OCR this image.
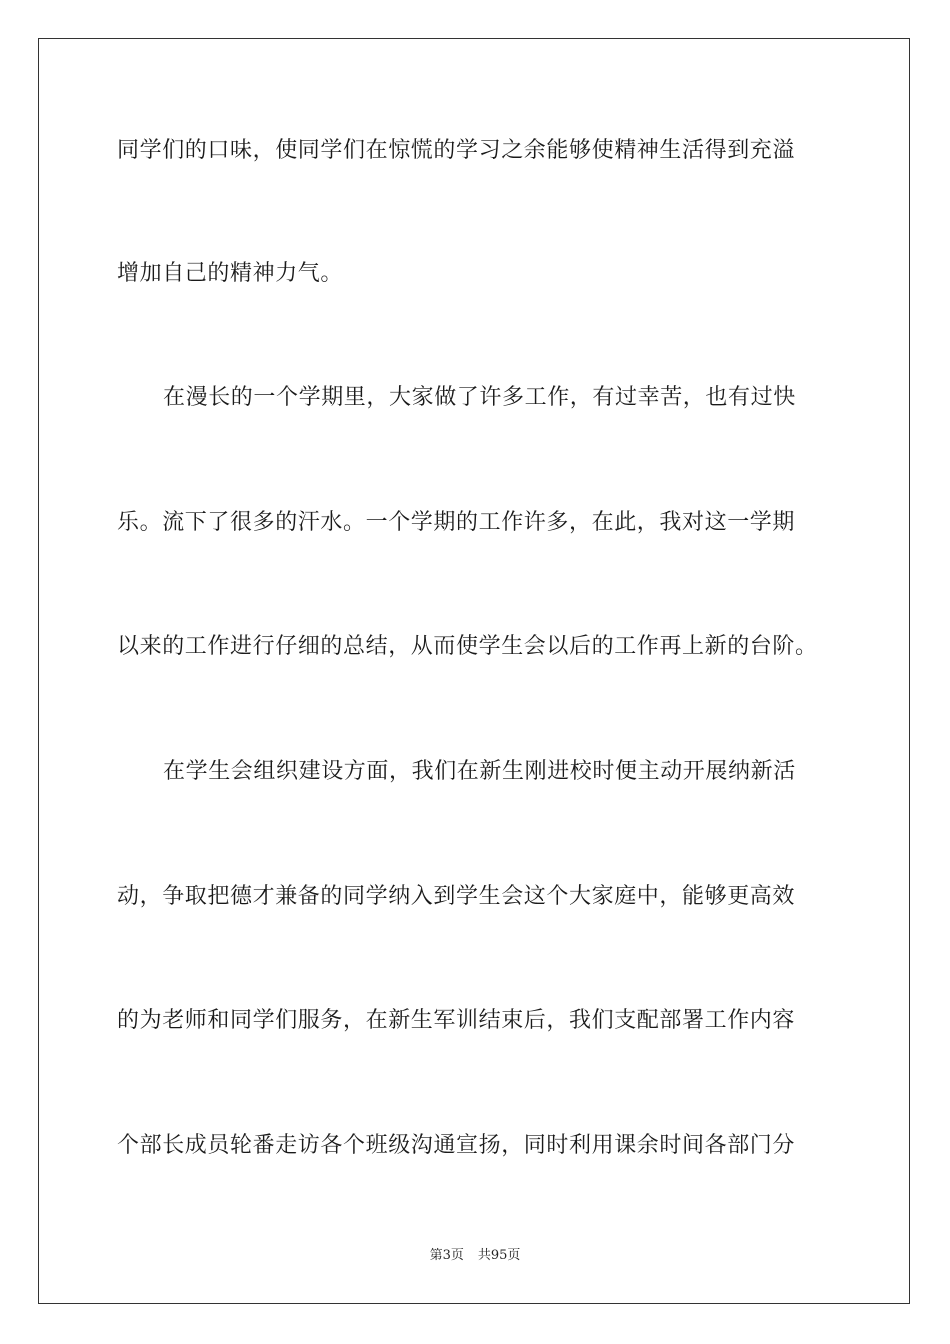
同学们的口味，使同学们在惊慌的学习之余能够使精神生活得到充溢
增加自己的精神力气。
在漫长的一个学期里，大家做了许多工作，有过幸苦，也有过快
乐。流下了很多的汗水。一个学期的工作许多，在此，我对这一学期
以来的工作进行仔细的总结，从而使学生会以后的工作再上新的台阶。
在学生会组织建设方面，我们在新生刚进校时便主动开展纳新活
动，争取把德才兼备的同学纳入到学生会这个大家庭中，能够更高效
的为老师和同学们服务，在新生军训结束后，我们支配部署工作内容
个部长成员轮番走访各个班级沟通宣扬，同时利用课余时间各部门分
第3页 共95页
